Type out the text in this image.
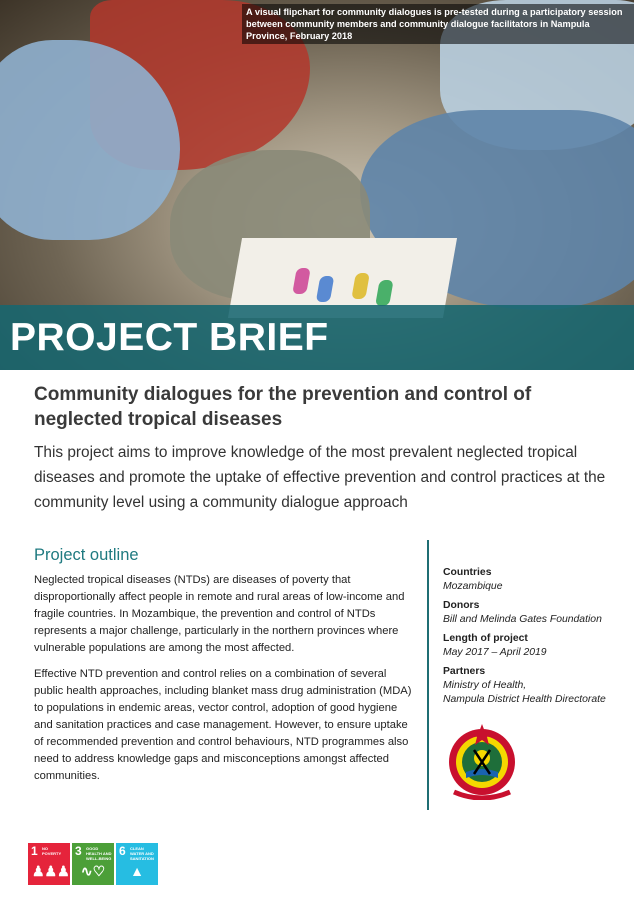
A visual flipchart for community dialogues is pre-tested during a participatory session between community members and community dialogue facilitators in Nampula Province, February 2018
PROJECT BRIEF
Community dialogues for the prevention and control of neglected tropical diseases
This project aims to improve knowledge of the most prevalent neglected tropical diseases and promote the uptake of effective prevention and control practices at the community level using a community dialogue approach
Project outline
Neglected tropical diseases (NTDs) are diseases of poverty that disproportionally affect people in remote and rural areas of low-income and fragile countries. In Mozambique, the prevention and control of NTDs represents a major challenge, particularly in the northern provinces where vulnerable populations are among the most affected.
Effective NTD prevention and control relies on a combination of several public health approaches, including blanket mass drug administration (MDA) to populations in endemic areas, vector control, adoption of good hygiene and sanitation practices and case management. However, to ensure uptake of recommended prevention and control behaviours, NTD programmes also need to address knowledge gaps and misconceptions amongst affected communities.
Countries
Mozambique
Donors
Bill and Melinda Gates Foundation
Length of project
May 2017 – April 2019
Partners
Ministry of Health,
Nampula District Health Directorate
1 NO POVERTY
♟♟♟
3 GOOD HEALTH AND WELL-BEING
∿♡
6 CLEAN WATER AND SANITATION
▲
